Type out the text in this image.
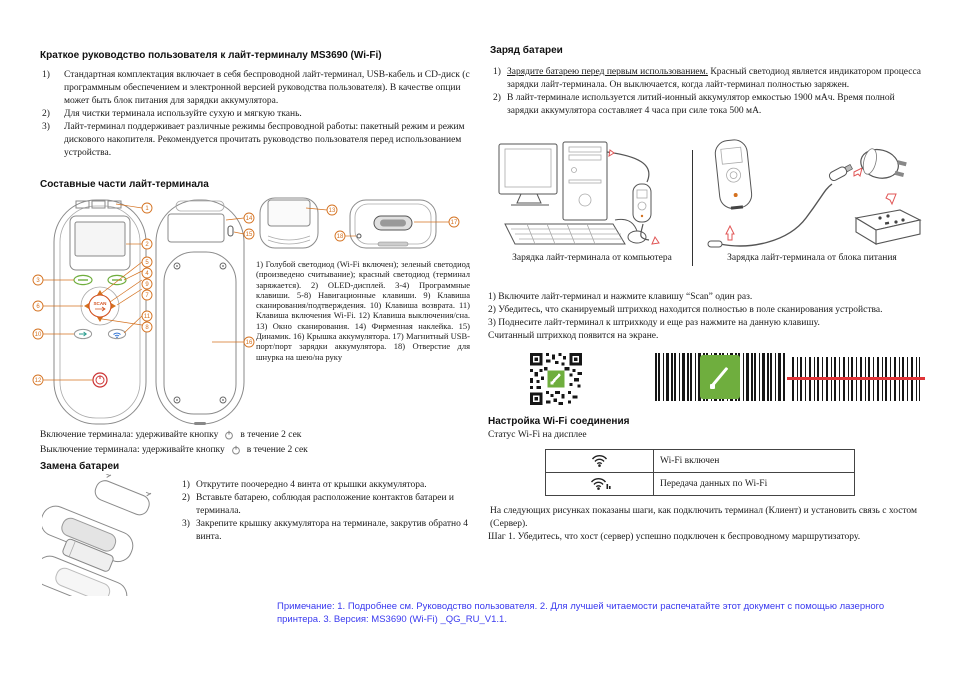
Краткое руководство пользователя к лайт-терминалу MS3690 (Wi-Fi)
1)	Стандартная комплектация включает в себя беспроводной лайт-терминал, USB-кабель и CD-диск (с программным обеспечением и электронной версией руководства пользователя). В качестве опции может быть блок питания для зарядки аккумулятора.
2)	Для чистки терминала используйте сухую и мягкую ткань.
3)	Лайт-терминал поддерживает различные режимы беспроводной работы: пакетный режим и режим дискового накопителя. Рекомендуется прочитать руководство пользователя перед использованием устройства.
Составные части лайт-терминала
SCAN
1
2
5
4
9
7
11
8
3
6
10
12
14
15
16
13
17
18
1) Голубой светодиод (Wi-Fi включен); зеленый светодиод (произведено считывание); красный светодиод (терминал заряжается). 2) OLED-дисплей. 3-4) Программные клавиши. 5-8) Навигационные клавиши. 9) Клавиша сканирования/подтверждения. 10) Клавиша возврата. 11) Клавиша включения Wi-Fi. 12) Клавиша выключения/сна. 13) Окно сканирования. 14) Фирменная наклейка. 15) Динамик. 16) Крышка аккумулятора. 17) Магнитный USB-порт/порт зарядки аккумулятора. 18) Отверстие для шнурка на шею/на руку
Включение терминала: удерживайте кнопку в течение 2 сек
Выключение терминала: удерживайте кнопку в течение 2 сек
Замена батареи
1) Открутите поочередно 4 винта от крышки аккумулятора.
2) Вставьте батарею, соблюдая расположение контактов батареи и терминала.
3) Закрепите крышку аккумулятора на терминале, закрутив обратно 4 винта.
Заряд батареи
1) Зарядите батарею перед первым использованием. Красный светодиод является индикатором процесса зарядки лайт-терминала. Он выключается, когда лайт-терминал полностью заряжен.
2) В лайт-терминале используется литий-ионный аккумулятор емкостью 1900 мАч. Время полной зарядки аккумулятора составляет 4 часа при силе тока 500 мА.
Зарядка лайт-терминала от компьютера	Зарядка лайт-терминала от блока питания
1) Включите лайт-терминал и нажмите клавишу “Scan” один раз.
2) Убедитесь, что сканируемый штрихкод находится полностью в поле сканирования устройства.
3) Поднесите лайт-терминал к штрихкоду и еще раз нажмите на данную клавишу.
Считанный штрихкод появится на экране.
Настройка Wi-Fi соединения
Статус Wi-Fi на дисплее
	Wi-Fi включен
	Передача данных по Wi-Fi
На следующих рисунках показаны шаги, как подключить терминал (Клиент) и установить связь с хостом (Сервер).
Шаг 1. Убедитесь, что хост (сервер) успешно подключен к беспроводному маршрутизатору.
Примечание: 1. Подробнее см. Руководство пользователя. 2. Для лучшей читаемости распечатайте этот документ с помощью лазерного принтера. 3. Версия: MS3690 (Wi-Fi) _QG_RU_V1.1.
